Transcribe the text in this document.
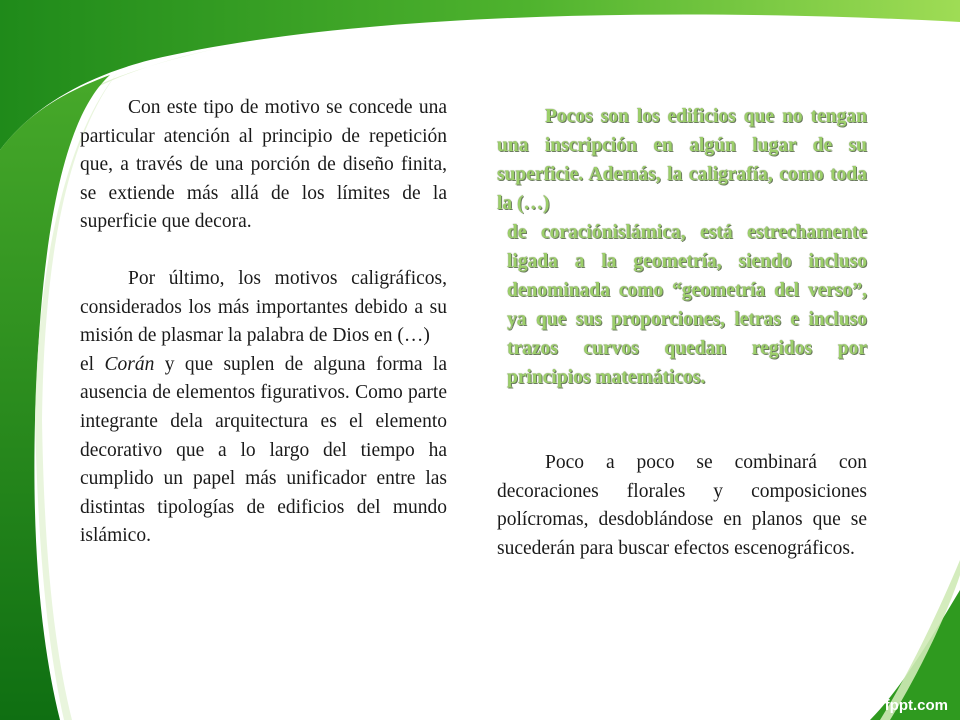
Con este tipo de motivo se concede una particular atención al principio de repetición que, a través de una porción de diseño finita, se extiende más allá de los límites de la superficie que decora.

Por último, los motivos caligráficos, considerados los más importantes debido a su misión de plasmar la palabra de Dios en (…)

el Corán y que suplen de alguna forma la ausencia de elementos figurativos. Como parte integrante dela arquitectura es el elemento decorativo que a lo largo del tiempo ha cumplido un papel más unificador entre las distintas tipologías de edificios del mundo islámico.

Pocos son los edificios que no tengan una inscripción en algún lugar de su superficie. Además, la caligrafía, como toda la (…)

de coraciónislámica, está estrechamente ligada a la geometría, siendo incluso denominada como “geometría del verso”, ya que sus proporciones, letras e incluso trazos curvos quedan regidos por principios matemáticos.

Poco a poco se combinará con decoraciones florales y composiciones polícromas, desdoblándose en planos que se sucederán para buscar efectos escenográficos.

fppt.com
